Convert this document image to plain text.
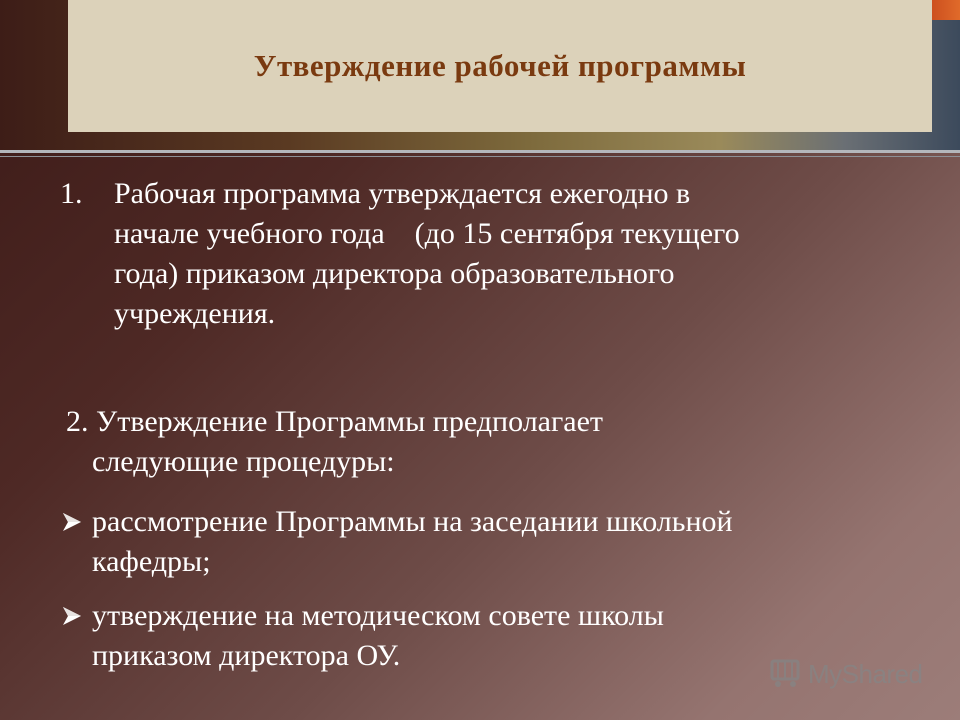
Утверждение рабочей программы
1. Рабочая программа утверждается ежегодно в
начале учебного года    (до 15 сентября текущего
года) приказом директора образовательного
учреждения.
2. Утверждение Программы предполагает
следующие процедуры:
рассмотрение Программы на заседании школьной
кафедры;
утверждение на методическом совете школы
приказом директора ОУ.
MyShared
